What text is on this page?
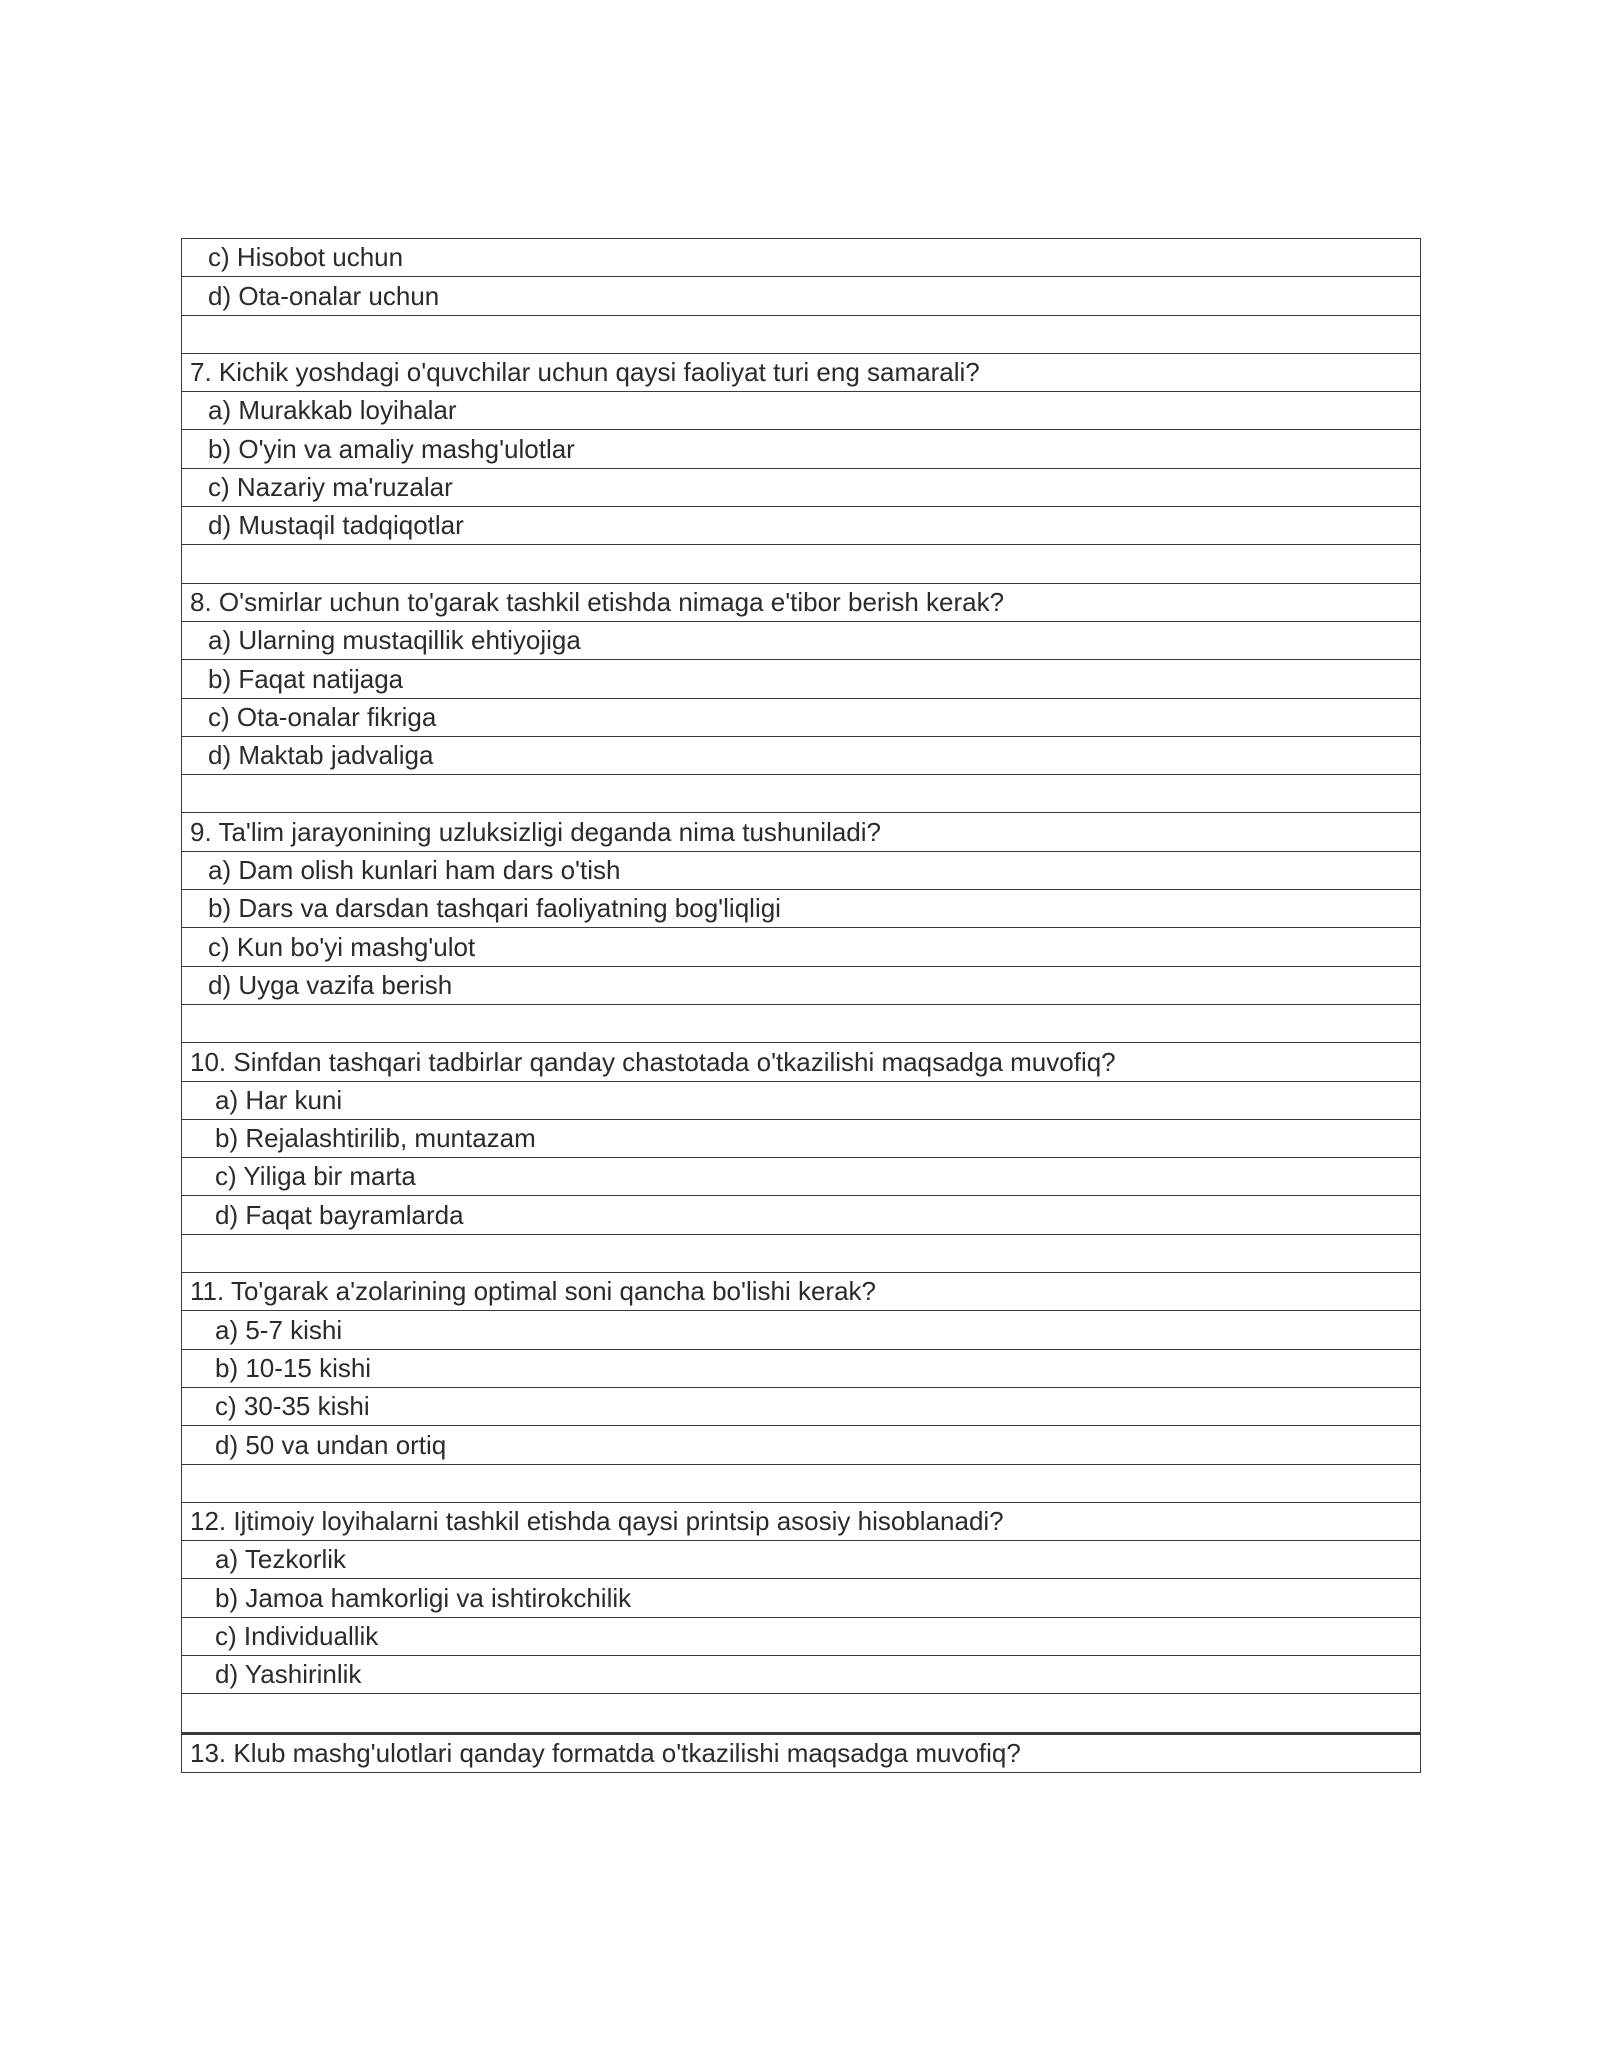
c) Hisobot uchun
d) Ota-onalar uchun

7. Kichik yoshdagi o'quvchilar uchun qaysi faoliyat turi eng samarali?
a) Murakkab loyihalar
b) O'yin va amaliy mashg'ulotlar
c) Nazariy ma'ruzalar
d) Mustaqil tadqiqotlar

8. O'smirlar uchun to'garak tashkil etishda nimaga e'tibor berish kerak?
a) Ularning mustaqillik ehtiyojiga
b) Faqat natijaga
c) Ota-onalar fikriga
d) Maktab jadvaliga

9. Ta'lim jarayonining uzluksizligi deganda nima tushuniladi?
a) Dam olish kunlari ham dars o'tish
b) Dars va darsdan tashqari faoliyatning bog'liqligi
c) Kun bo'yi mashg'ulot
d) Uyga vazifa berish

10. Sinfdan tashqari tadbirlar qanday chastotada o'tkazilishi maqsadga muvofiq?
a) Har kuni
b) Rejalashtirilib, muntazam
c) Yiliga bir marta
d) Faqat bayramlarda

11. To'garak a'zolarining optimal soni qancha bo'lishi kerak?
a) 5-7 kishi
b) 10-15 kishi
c) 30-35 kishi
d) 50 va undan ortiq

12. Ijtimoiy loyihalarni tashkil etishda qaysi printsip asosiy hisoblanadi?
a) Tezkorlik
b) Jamoa hamkorligi va ishtirokchilik
c) Individuallik
d) Yashirinlik

13. Klub mashg'ulotlari qanday formatda o'tkazilishi maqsadga muvofiq?
